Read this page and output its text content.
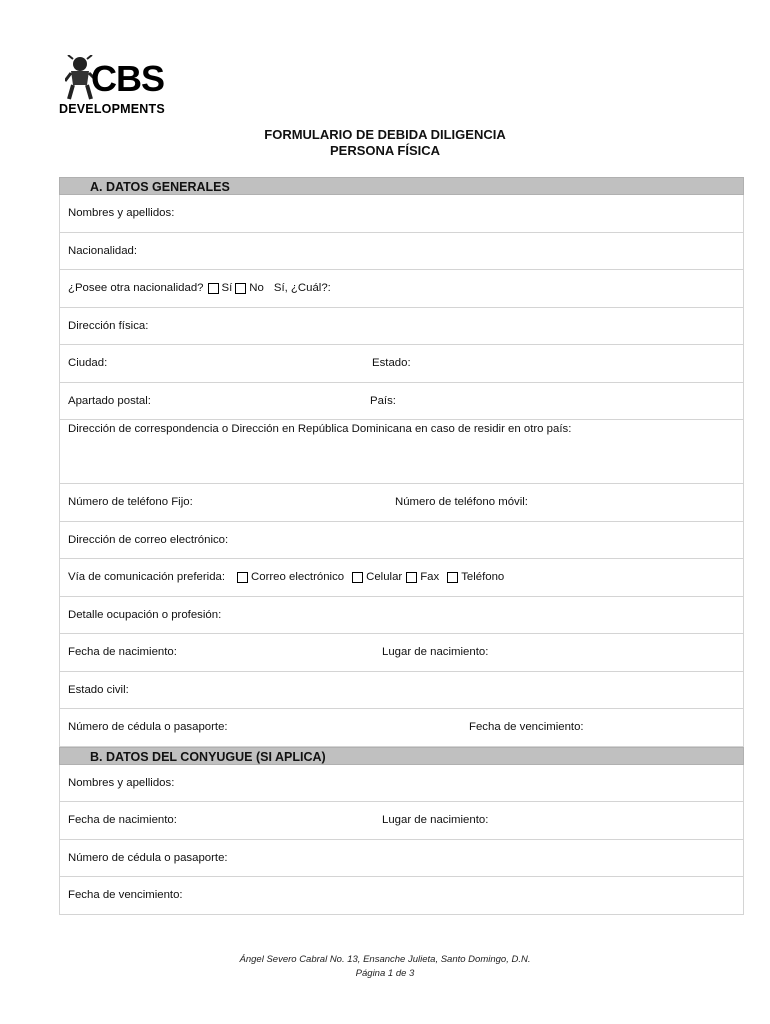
CBS
DEVELOPMENTS
FORMULARIO DE DEBIDA DILIGENCIA
PERSONA FÍSICA
A. DATOS GENERALES
Nombres y apellidos:
Nacionalidad:
¿Posee otra nacionalidad? Sí No Sí, ¿Cuál?:
Dirección física:
Ciudad:	Estado:
Apartado postal:	País:
Dirección de correspondencia o Dirección en República Dominicana en caso de residir en otro país:
Número de teléfono Fijo:	Número de teléfono móvil:
Dirección de correo electrónico:
Vía de comunicación preferida: Correo electrónico Celular Fax Teléfono
Detalle ocupación o profesión:
Fecha de nacimiento:	Lugar de nacimiento:
Estado civil:
Número de cédula o pasaporte:	Fecha de vencimiento:
B. DATOS DEL CONYUGUE (SI APLICA)
Nombres y apellidos:
Fecha de nacimiento:	Lugar de nacimiento:
Número de cédula o pasaporte:
Fecha de vencimiento:
Ángel Severo Cabral No. 13, Ensanche Julieta, Santo Domingo, D.N.
Página 1 de 3
